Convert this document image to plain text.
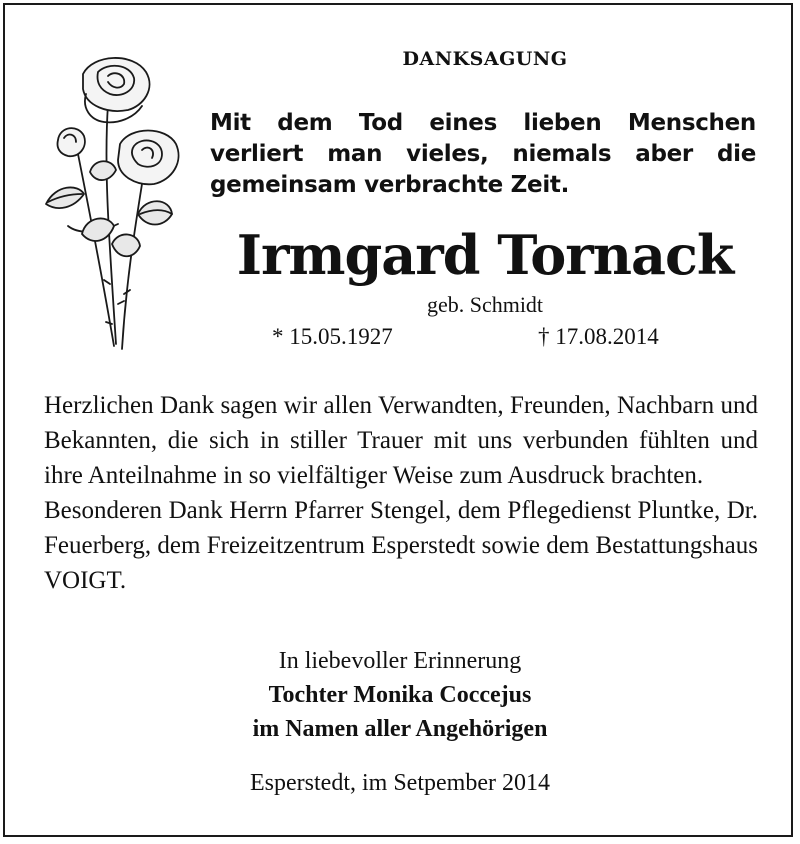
DANKSAGUNG
Mit dem Tod eines lieben Menschen verliert man vieles, niemals aber die gemeinsam verbrachte Zeit.
Irmgard Tornack
geb. Schmidt
* 15.05.1927	† 17.08.2014

Herzlichen Dank sagen wir allen Verwandten, Freunden, Nachbarn und Bekannten, die sich in stiller Trauer mit uns verbunden fühlten und ihre Anteilnahme in so vielfältiger Weise zum Ausdruck brachten.

Besonderen Dank Herrn Pfarrer Stengel, dem Pflegedienst Pluntke, Dr. Feuerberg, dem Freizeitzentrum Esperstedt sowie dem Bestattungshaus VOIGT.

In liebevoller Erinnerung
Tochter Monika Coccejus
im Namen aller Angehörigen
Esperstedt, im Setpember 2014
